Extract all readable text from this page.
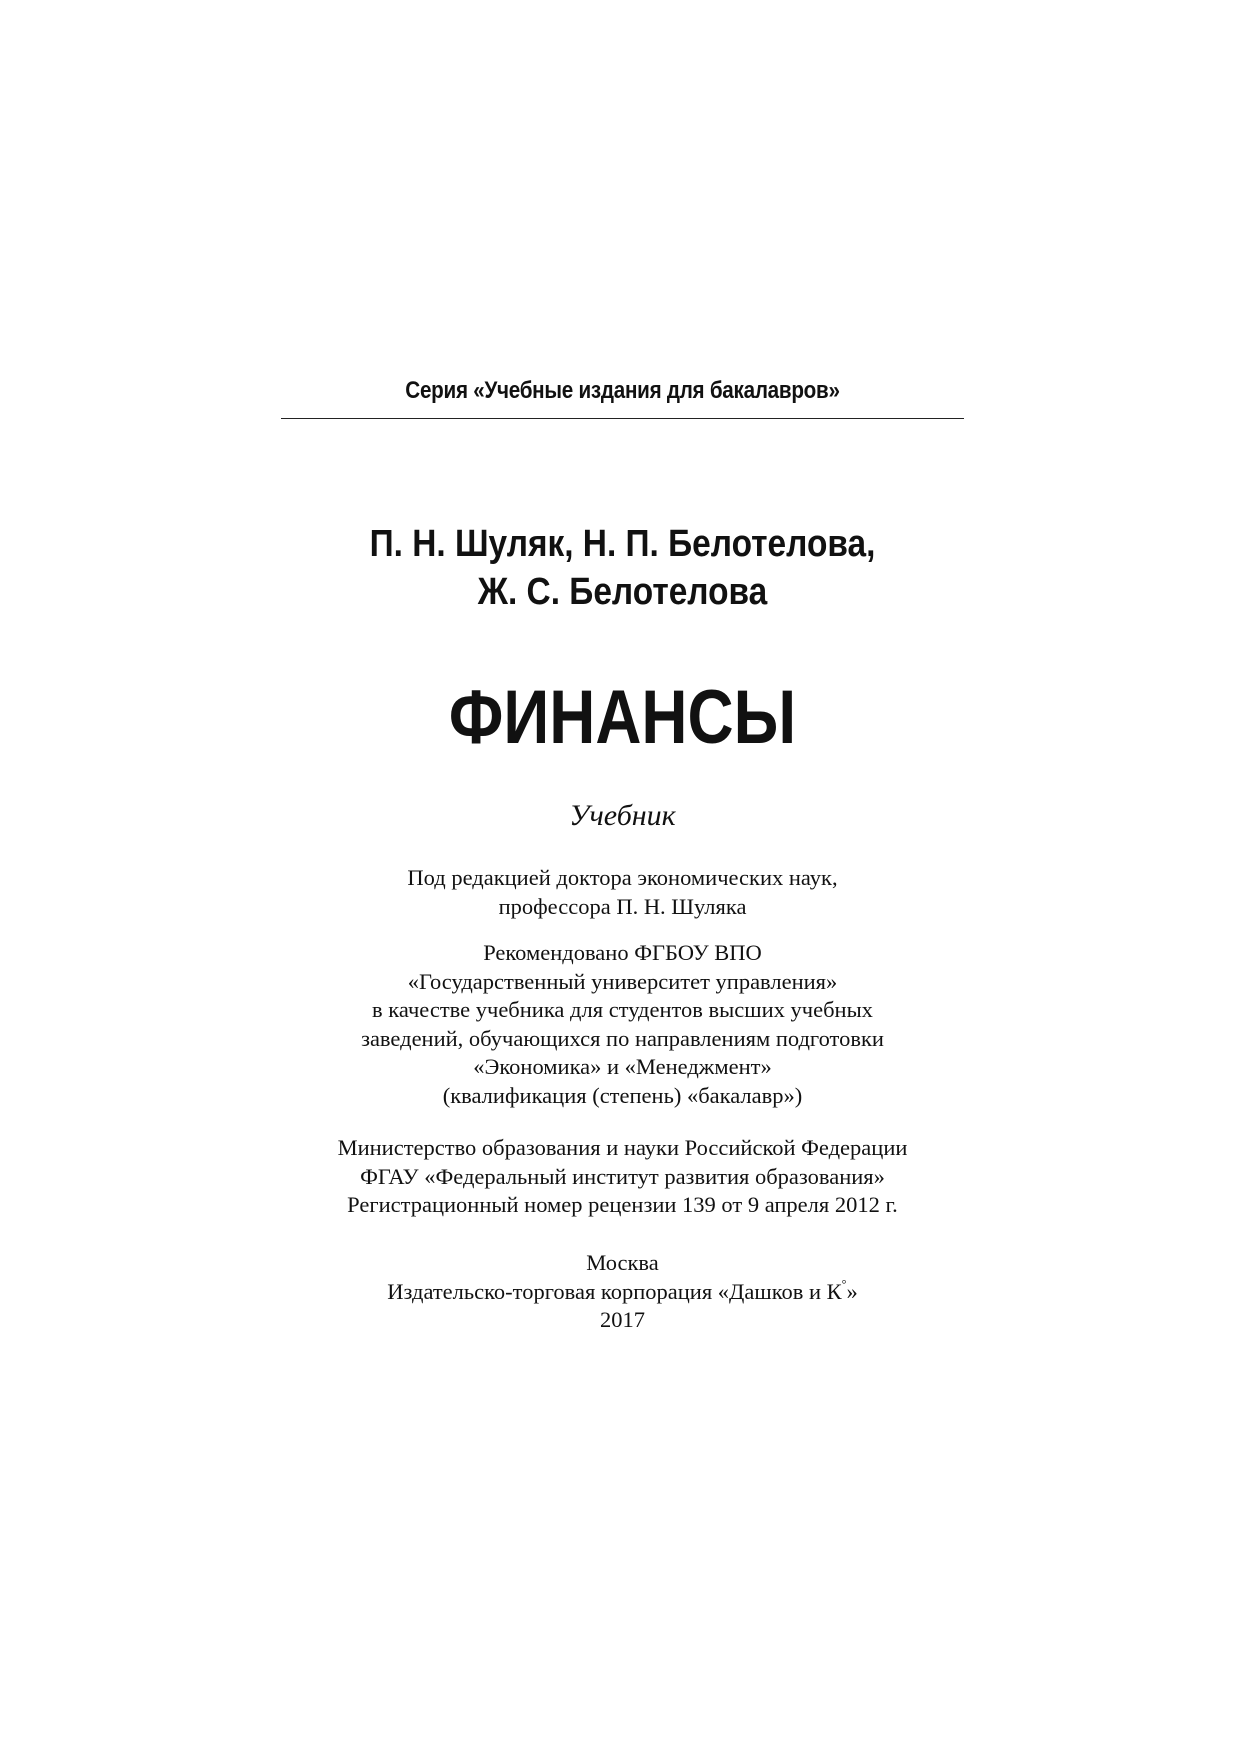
Серия «Учебные издания для бакалавров»
П. Н. Шуляк, Н. П. Белотелова,
Ж. С. Белотелова
ФИНАНСЫ
Учебник
Под редакцией доктора экономических наук,
профессора П. Н. Шуляка
Рекомендовано ФГБОУ ВПО
«Государственный университет управления»
в качестве учебника для студентов высших учебных
заведений, обучающихся по направлениям подготовки
«Экономика» и «Менеджмент»
(квалификация (степень) «бакалавр»)
Министерство образования и науки Российской Федерации
ФГАУ «Федеральный институт развития образования»
Регистрационный номер рецензии 139 от 9 апреля 2012 г.
Москва
Издательско-торговая корпорация «Дашков и К°»
2017
